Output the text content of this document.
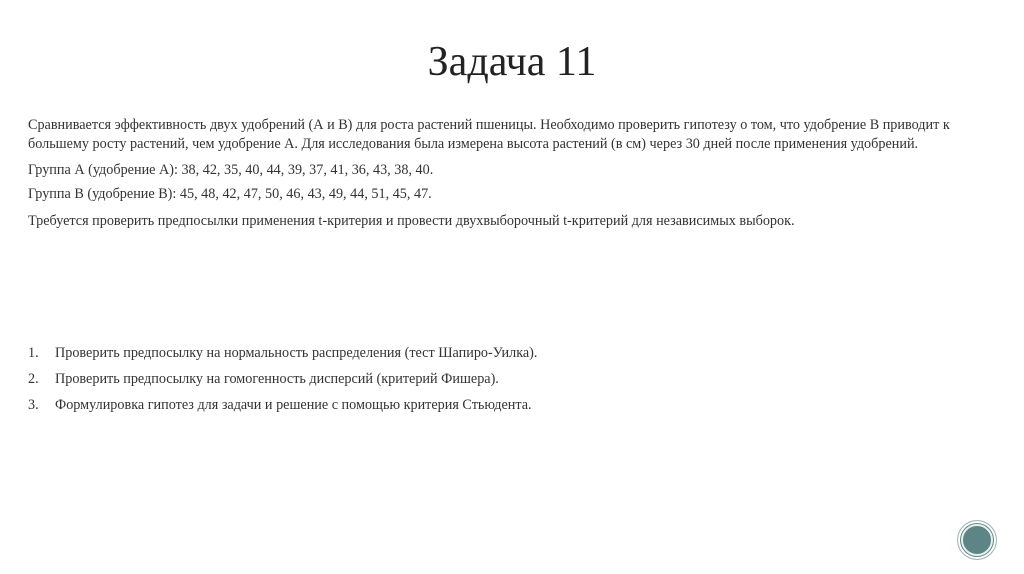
Задача 11
Сравнивается эффективность двух удобрений (А и В) для роста растений пшеницы. Необходимо проверить гипотезу о том, что удобрение В приводит к большему росту растений, чем удобрение А. Для исследования была измерена высота растений (в см) через 30 дней после применения удобрений.
Группа А (удобрение А): 38, 42, 35, 40, 44, 39, 37, 41, 36, 43, 38, 40.
Группа В (удобрение В): 45, 48, 42, 47, 50, 46, 43, 49, 44, 51, 45, 47.
Требуется проверить предпосылки применения t-критерия и провести двухвыборочный t-критерий для независимых выборок.
1. Проверить предпосылку на нормальность распределения (тест Шапиро-Уилка).
2. Проверить предпосылку на гомогенность дисперсий (критерий Фишера).
3. Формулировка гипотез для задачи и решение с помощью критерия Стьюдента.
